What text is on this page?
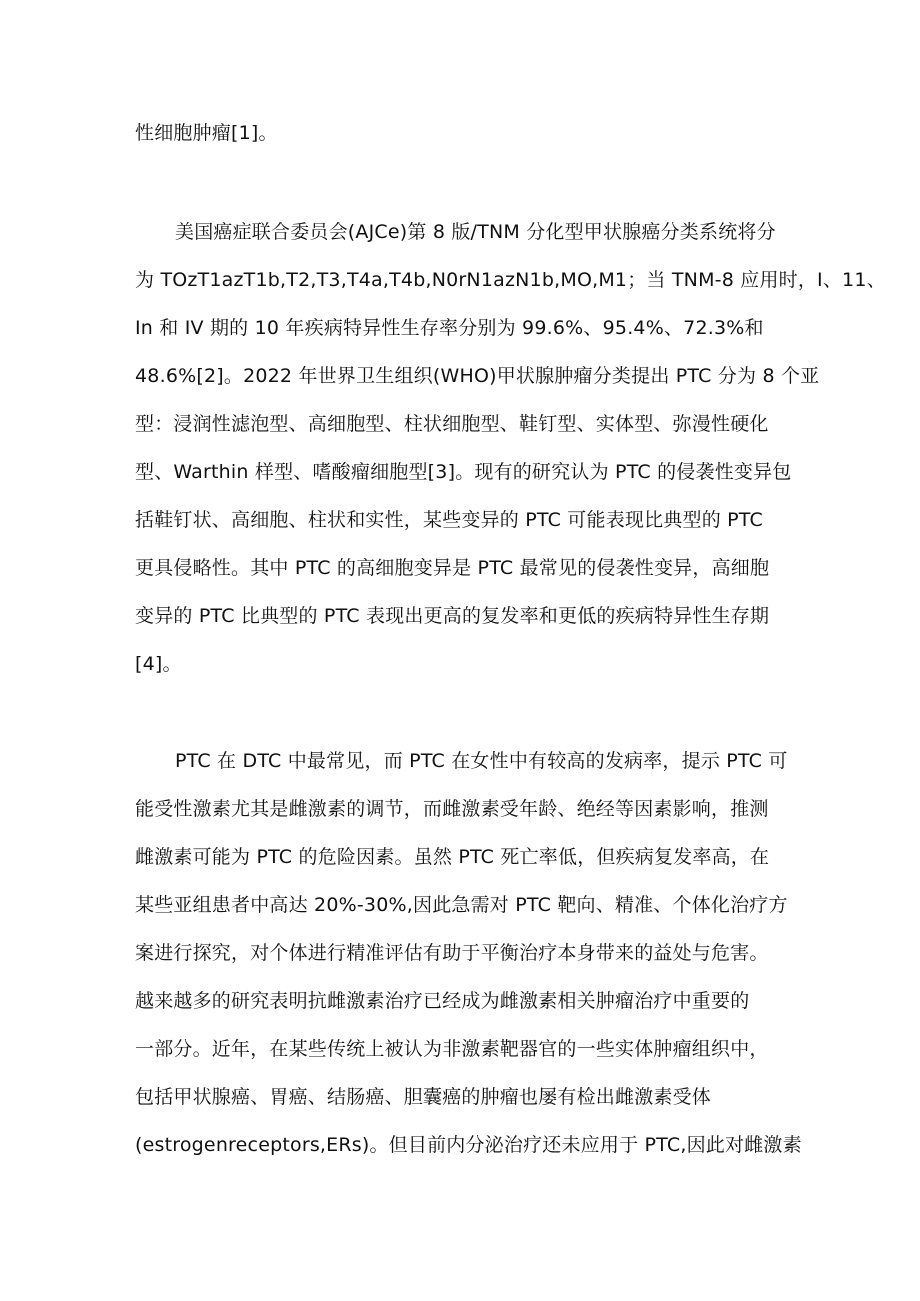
性细胞肿瘤[1]。
美国癌症联合委员会(AJCe)第 8 版/TNM 分化型甲状腺癌分类系统将分
为 TOzT1azT1b,T2,T3,T4a,T4b,N0rN1azN1b,MO,M1；当 TNM-8 应用时，I、11、
In 和 IV 期的 10 年疾病特异性生存率分别为 99.6%、95.4%、72.3%和
48.6%[2]。2022 年世界卫生组织(WHO)甲状腺肿瘤分类提出 PTC 分为 8 个亚
型：浸润性滤泡型、高细胞型、柱状细胞型、鞋钉型、实体型、弥漫性硬化
型、Warthin 样型、嗜酸瘤细胞型[3]。现有的研究认为 PTC 的侵袭性变异包
括鞋钉状、高细胞、柱状和实性，某些变异的 PTC 可能表现比典型的 PTC
更具侵略性。其中 PTC 的高细胞变异是 PTC 最常见的侵袭性变异，高细胞
变异的 PTC 比典型的 PTC 表现出更高的复发率和更低的疾病特异性生存期
[4]。
PTC 在 DTC 中最常见，而 PTC 在女性中有较高的发病率，提示 PTC 可
能受性激素尤其是雌激素的调节，而雌激素受年龄、绝经等因素影响，推测
雌激素可能为 PTC 的危险因素。虽然 PTC 死亡率低，但疾病复发率高，在
某些亚组患者中高达 20%-30%,因此急需对 PTC 靶向、精准、个体化治疗方
案进行探究，对个体进行精准评估有助于平衡治疗本身带来的益处与危害。
越来越多的研究表明抗雌激素治疗已经成为雌激素相关肿瘤治疗中重要的
一部分。近年，在某些传统上被认为非激素靶器官的一些实体肿瘤组织中，
包括甲状腺癌、胃癌、结肠癌、胆囊癌的肿瘤也屡有检出雌激素受体
(estrogenreceptors,ERs)。但目前内分泌治疗还未应用于 PTC,因此对雌激素
